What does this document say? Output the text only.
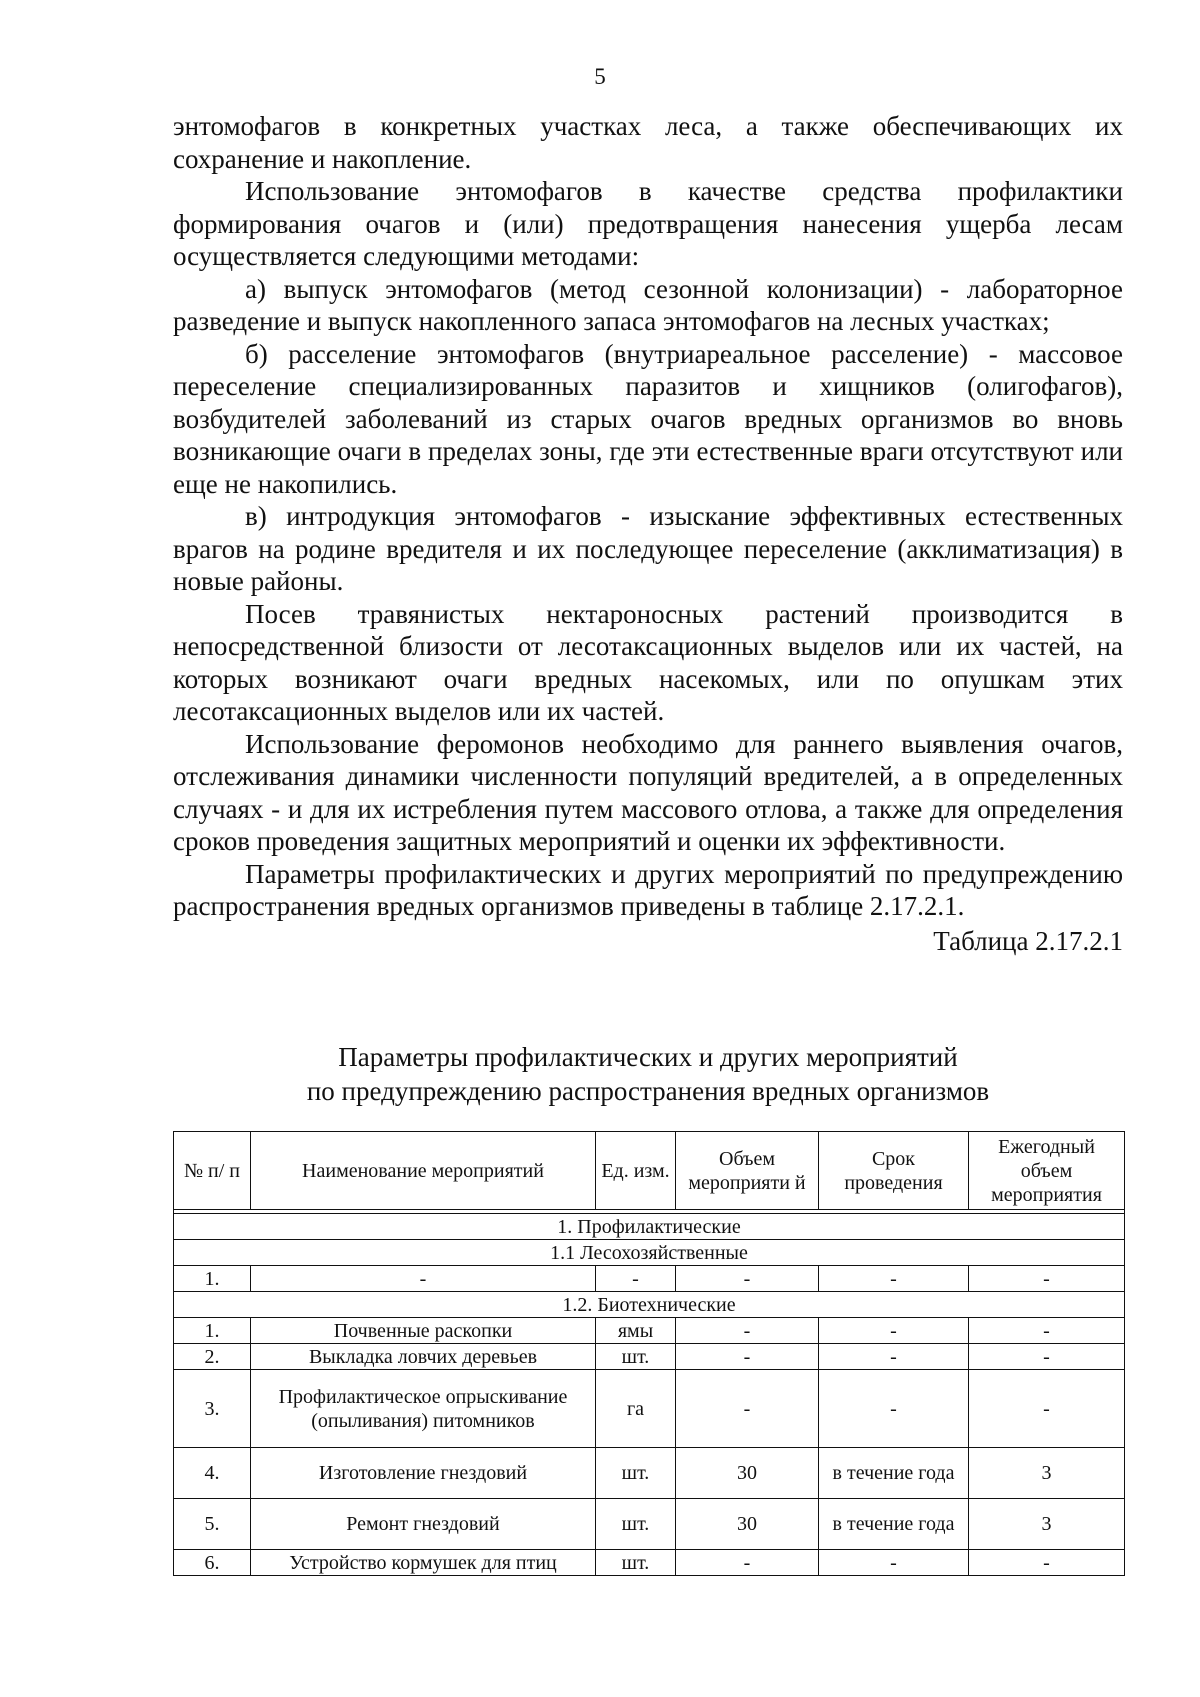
5

энтомофагов в конкретных участках леса, а также обеспечивающих их сохранение и накопление.

Использование энтомофагов в качестве средства профилактики формирования очагов и (или) предотвращения нанесения ущерба лесам осуществляется следующими методами:

а) выпуск энтомофагов (метод сезонной колонизации) - лабораторное разведение и выпуск накопленного запаса энтомофагов на лесных участках;

б) расселение энтомофагов (внутриареальное расселение) - массовое переселение специализированных паразитов и хищников (олигофагов), возбудителей заболеваний из старых очагов вредных организмов во вновь возникающие очаги в пределах зоны, где эти естественные враги отсутствуют или еще не накопились.

в) интродукция энтомофагов - изыскание эффективных естественных врагов на родине вредителя и их последующее переселение (акклиматизация) в новые районы.

Посев травянистых нектароносных растений производится в непосредственной близости от лесотаксационных выделов или их частей, на которых возникают очаги вредных насекомых, или по опушкам этих лесотаксационных выделов или их частей.

Использование феромонов необходимо для раннего выявления очагов, отслеживания динамики численности популяций вредителей, а в определенных случаях - и для их истребления путем массового отлова, а также для определения сроков проведения защитных мероприятий и оценки их эффективности.

Параметры профилактических и других мероприятий по предупреждению распространения вредных организмов приведены в таблице 2.17.2.1.

Таблица 2.17.2.1

Параметры профилактических и других мероприятий
по предупреждению распространения вредных организмов
№ п/ п	Наименование мероприятий	Ед. изм.	Объем мероприяти й	Срок проведения	Ежегодный объем мероприятия

1. Профилактические					
1.1 Лесохозяйственные					
1.	-	-	-	-	-
1.2. Биотехнические					
1.	Почвенные раскопки	ямы	-	-	-
2.	Выкладка ловчих деревьев	шт.	-	-	-
3.	Профилактическое опрыскивание (опыливания) питомников	га	-	-	-
4.	Изготовление гнездовий	шт.	30	в течение года	3
5.	Ремонт гнездовий	шт.	30	в течение года	3
6.	Устройство кормушек для птиц	шт.	-	-	-
